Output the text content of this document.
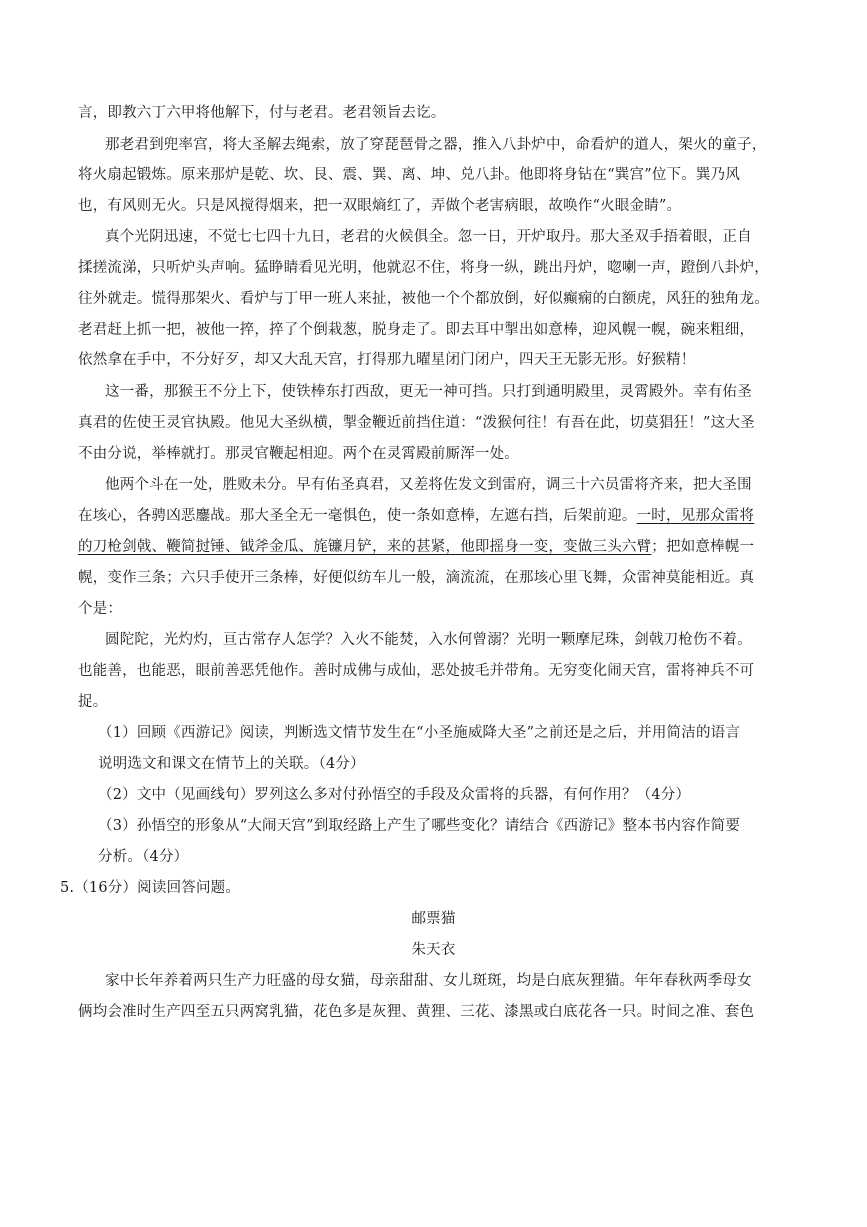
言，即教六丁六甲将他解下，付与老君。老君领旨去讫。
那老君到兜率宫，将大圣解去绳索，放了穿琵琶骨之器，推入八卦炉中，命看炉的道人，架火的童子，
将火扇起锻炼。原来那炉是乾、坎、艮、震、巽、离、坤、兑八卦。他即将身钻在“巽宫”位下。巽乃风
也，有风则无火。只是风搅得烟来，把一双眼熵红了，弄做个老害病眼，故唤作“火眼金睛”。
真个光阴迅速，不觉七七四十九日，老君的火候俱全。忽一日，开炉取丹。那大圣双手捂着眼，正自
揉搓流涕，只听炉头声响。猛睁睛看见光明，他就忍不住，将身一纵，跳出丹炉，唿喇一声，蹬倒八卦炉，
往外就走。慌得那架火、看炉与丁甲一班人来扯，被他一个个都放倒，好似癫痫的白额虎，风狂的独角龙。
老君赶上抓一把，被他一捽，捽了个倒栽葱，脱身走了。即去耳中掣出如意棒，迎风幌一幌，碗来粗细，
依然拿在手中，不分好歹，却又大乱天宫，打得那九曜星闭门闭户，四天王无影无形。好猴精！
这一番，那猴王不分上下，使铁棒东打西敌，更无一神可挡。只打到通明殿里，灵霄殿外。幸有佑圣
真君的佐使王灵官执殿。他见大圣纵横，掣金鞭近前挡住道：“泼猴何往！有吾在此，切莫猖狂！”这大圣
不由分说，举棒就打。那灵官鞭起相迎。两个在灵霄殿前厮浑一处。
他两个斗在一处，胜败未分。早有佑圣真君，又差将佐发文到雷府，调三十六员雷将齐来，把大圣围
在垓心，各骋凶恶鏖战。那大圣全无一毫惧色，使一条如意棒，左遮右挡，后架前迎。一时，见那众雷将
的刀枪剑戟、鞭简挝锤、钺斧金瓜、旄镰月铲，来的甚紧，他即摇身一变，变做三头六臂；把如意棒幌一
幌，变作三条；六只手使开三条棒，好便似纺车儿一般，滴流流，在那垓心里飞舞，众雷神莫能相近。真
个是：
圆陀陀，光灼灼，亘古常存人怎学？入火不能焚，入水何曾溺？光明一颗摩尼珠，剑戟刀枪伤不着。
也能善，也能恶，眼前善恶凭他作。善时成佛与成仙，恶处披毛并带角。无穷变化闹天宫，雷将神兵不可
捉。
（1）回顾《西游记》阅读，判断选文情节发生在“小圣施威降大圣”之前还是之后，并用简洁的语言
说明选文和课文在情节上的关联。（4分）
（2）文中（见画线句）罗列这么多对付孙悟空的手段及众雷将的兵器，有何作用？（4分）
（3）孙悟空的形象从“大闹天宫”到取经路上产生了哪些变化？请结合《西游记》整本书内容作简要
分析。（4分）
5.（16分）阅读回答问题。
邮票猫
朱天衣
家中长年养着两只生产力旺盛的母女猫，母亲甜甜、女儿斑斑，均是白底灰狸猫。年年春秋两季母女
俩均会准时生产四至五只两窝乳猫，花色多是灰狸、黄狸、三花、漆黑或白底花各一只。时间之准、套色
